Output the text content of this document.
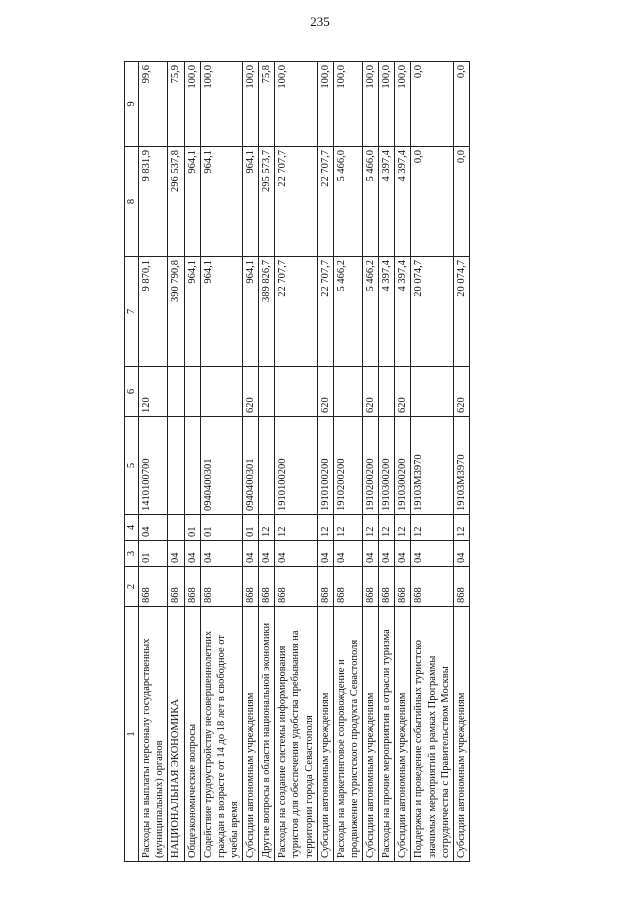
235
1	2	3	4	5	6	7	8	9
Расходы на выплаты персоналу государственных (муниципальных) органов	868	01	04	1410100700	120	9 870,1	9 831,9	99,6
НАЦИОНАЛЬНАЯ ЭКОНОМИКА	868	04				390 790,8	296 537,8	75,9
Общеэкономические вопросы	868	04	01			964,1	964,1	100,0
Содействие трудоустройству несовершеннолетних граждан в возрасте от 14 до 18 лет в свободное от учебы время	868	04	01	0940400301		964,1	964,1	100,0
Субсидии автономным учреждениям	868	04	01	0940400301	620	964,1	964,1	100,0
Другие вопросы в области национальной экономики	868	04	12			389 826,7	295 573,7	75,8
Расходы на создание системы информирования туристов для обеспечения удобства пребывания на территории города Севастополя	868	04	12	1910100200		22 707,7	22 707,7	100,0
Субсидии автономным учреждениям	868	04	12	1910100200	620	22 707,7	22 707,7	100,0
Расходы на маркетинговое сопровождение и продвижение туристского продукта Севастополя	868	04	12	1910200200		5 466,2	5 466,0	100,0
Субсидии автономным учреждениям	868	04	12	1910200200	620	5 466,2	5 466,0	100,0
Расходы на прочие мероприятия в отрасли туризма	868	04	12	1910300200		4 397,4	4 397,4	100,0
Субсидии автономным учреждениям	868	04	12	1910300200	620	4 397,4	4 397,4	100,0
Поддержка и проведение событийных туристско значимых мероприятий в рамках Программы сотрудничества с Правительством Москвы	868	04	12	19103М3970		20 074,7	0,0	0,0
Субсидии автономным учреждениям	868	04	12	19103М3970	620	20 074,7	0,0	0,0
